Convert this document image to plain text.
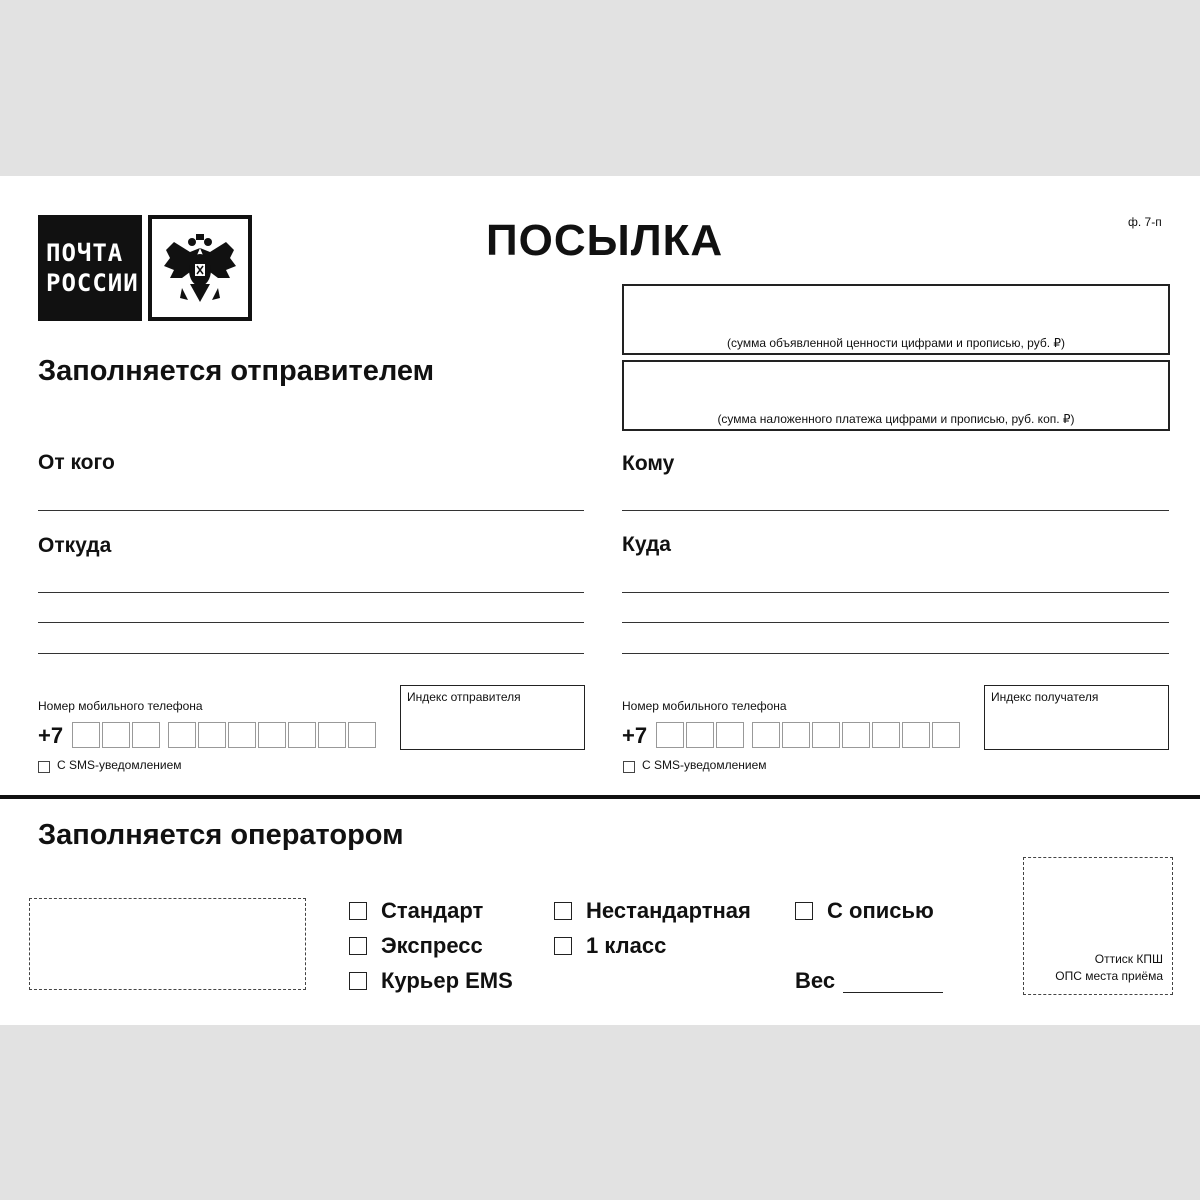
ПОЧТА
РОССИИ
ПОСЫЛКА	ф. 7-п
(сумма объявленной ценности цифрами и прописью, руб. ₽)
(сумма наложенного платежа цифрами и прописью, руб. коп. ₽)
Заполняется отправителем
От кого	Кому
Откуда	Куда
Номер мобильного телефона
+7
С SMS-уведомлением
Индекс отправителя
Номер мобильного телефона
+7
С SMS-уведомлением
Индекс получателя
Заполняется оператором
Стандарт
Экспресс
Курьер EMS
Нестандартная
1 класс
С описью
Вес
Оттиск КПШ
ОПС места приёма
